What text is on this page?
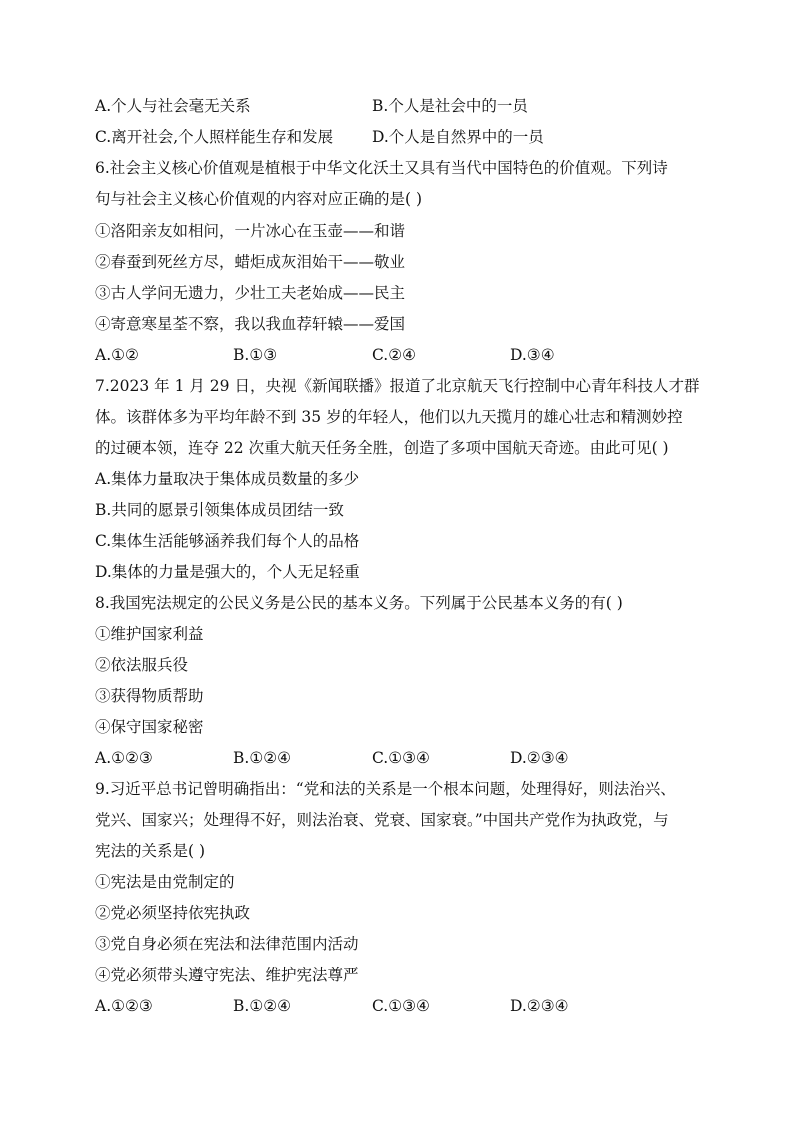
A.个人与社会毫无关系	B.个人是社会中的一员
C.离开社会,个人照样能生存和发展	D.个人是自然界中的一员
6.社会主义核心价值观是植根于中华文化沃土又具有当代中国特色的价值观。下列诗
句与社会主义核心价值观的内容对应正确的是( )
①洛阳亲友如相问，一片冰心在玉壶——和谐
②春蚕到死丝方尽，蜡炬成灰泪始干——敬业
③古人学问无遗力，少壮工夫老始成——民主
④寄意寒星荃不察，我以我血荐轩辕——爱国
A.①②	B.①③	C.②④	D.③④
7.2023 年 1 月 29 日，央视《新闻联播》报道了北京航天飞行控制中心青年科技人才群
体。该群体多为平均年龄不到 35 岁的年轻人，他们以九天揽月的雄心壮志和精测妙控
的过硬本领，连夺 22 次重大航天任务全胜，创造了多项中国航天奇迹。由此可见( )
A.集体力量取决于集体成员数量的多少
B.共同的愿景引领集体成员团结一致
C.集体生活能够涵养我们每个人的品格
D.集体的力量是强大的，个人无足轻重
8.我国宪法规定的公民义务是公民的基本义务。下列属于公民基本义务的有( )
①维护国家利益
②依法服兵役
③获得物质帮助
④保守国家秘密
A.①②③	B.①②④	C.①③④	D.②③④
9.习近平总书记曾明确指出：“党和法的关系是一个根本问题，处理得好，则法治兴、
党兴、国家兴；处理得不好，则法治衰、党衰、国家衰。”中国共产党作为执政党，与
宪法的关系是( )
①宪法是由党制定的
②党必须坚持依宪执政
③党自身必须在宪法和法律范围内活动
④党必须带头遵守宪法、维护宪法尊严
A.①②③	B.①②④	C.①③④	D.②③④
